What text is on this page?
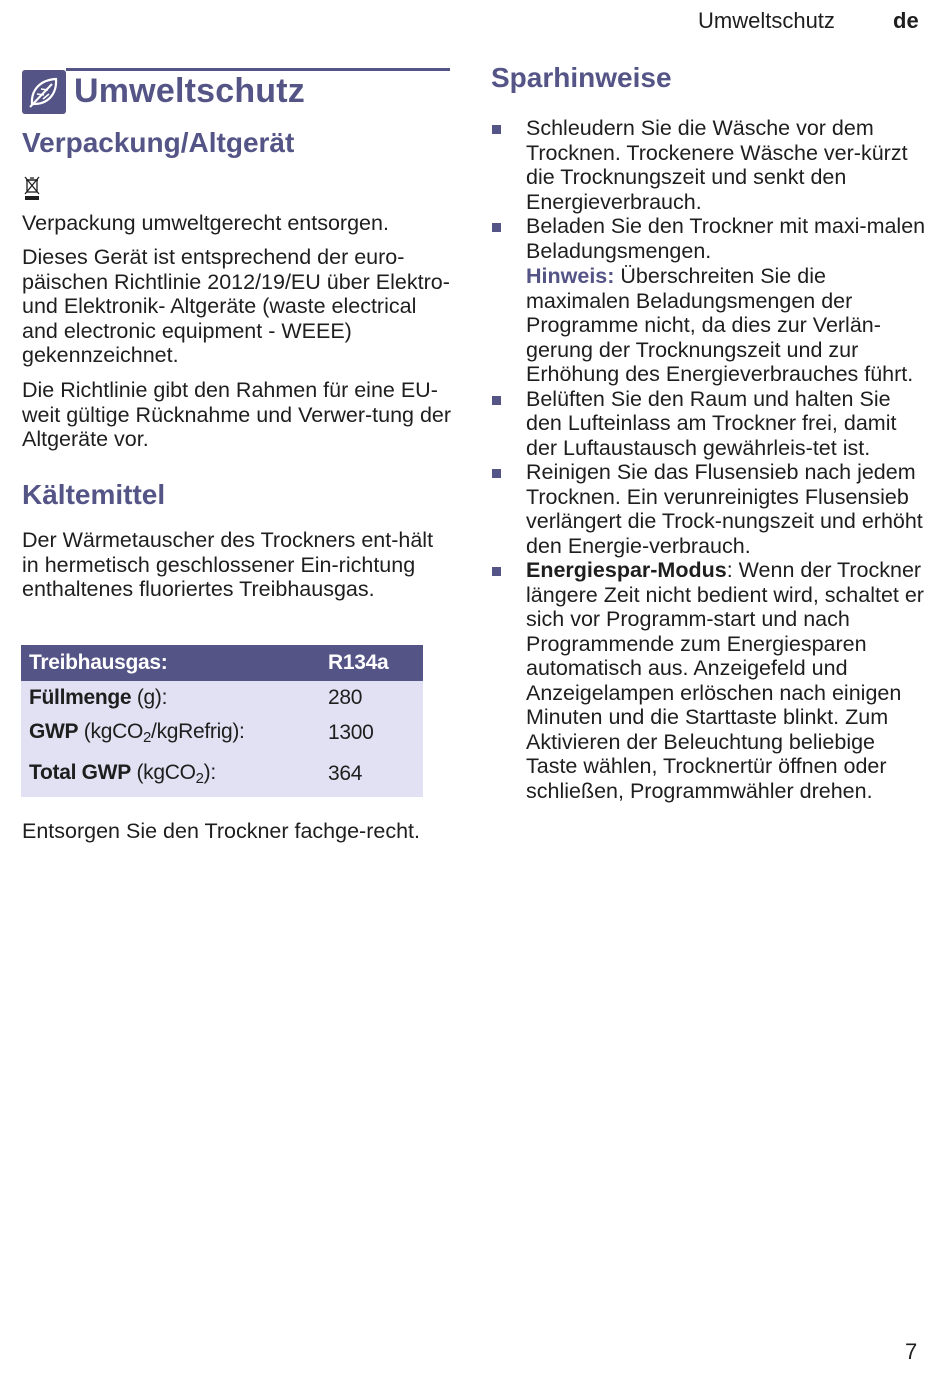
Umweltschutz	de
Umweltschutz
Verpackung/Altgerät

Verpackung umweltgerecht entsorgen.

Dieses Gerät ist entsprechend der euro-päischen Richtlinie 2012/19/EU über Elektro- und Elektronik- Altgeräte (waste electrical and electronic equipment - WEEE) gekennzeichnet.

Die Richtlinie gibt den Rahmen für eine EU-weit gültige Rücknahme und Verwer-tung der Altgeräte vor.

Kältemittel

Der Wärmetauscher des Trockners ent-hält in hermetisch geschlossener Ein-richtung enthaltenes fluoriertes Treibhausgas.

Treibhausgas:	R134a
Füllmenge (g):	280
GWP (kgCO$_2$/kgRefrig):	1300
Total GWP (kgCO$_2$):	364

Entsorgen Sie den Trockner fachge-recht.

Sparhinweise
Schleudern Sie die Wäsche vor dem Trocknen. Trockenere Wäsche ver-kürzt die Trocknungszeit und senkt den Energieverbrauch.
Beladen Sie den Trockner mit maxi-malen Beladungsmengen.
Hinweis: Überschreiten Sie die maximalen Beladungsmengen der Programme nicht, da dies zur Verlän-gerung der Trocknungszeit und zur Erhöhung des Energieverbrauches führt.
Belüften Sie den Raum und halten Sie den Lufteinlass am Trockner frei, damit der Luftaustausch gewährleis-tet ist.
Reinigen Sie das Flusensieb nach jedem Trocknen. Ein verunreinigtes Flusensieb verlängert die Trock-nungszeit und erhöht den Energie-verbrauch.
Energiespar-Modus: Wenn der Trockner längere Zeit nicht bedient wird, schaltet er sich vor Programm-start und nach Programmende zum Energiesparen automatisch aus. Anzeigefeld und Anzeigelampen erlöschen nach einigen Minuten und die Starttaste blinkt. Zum Aktivieren der Beleuchtung beliebige Taste wählen, Trocknertür öffnen oder schließen, Programmwähler drehen.
7
